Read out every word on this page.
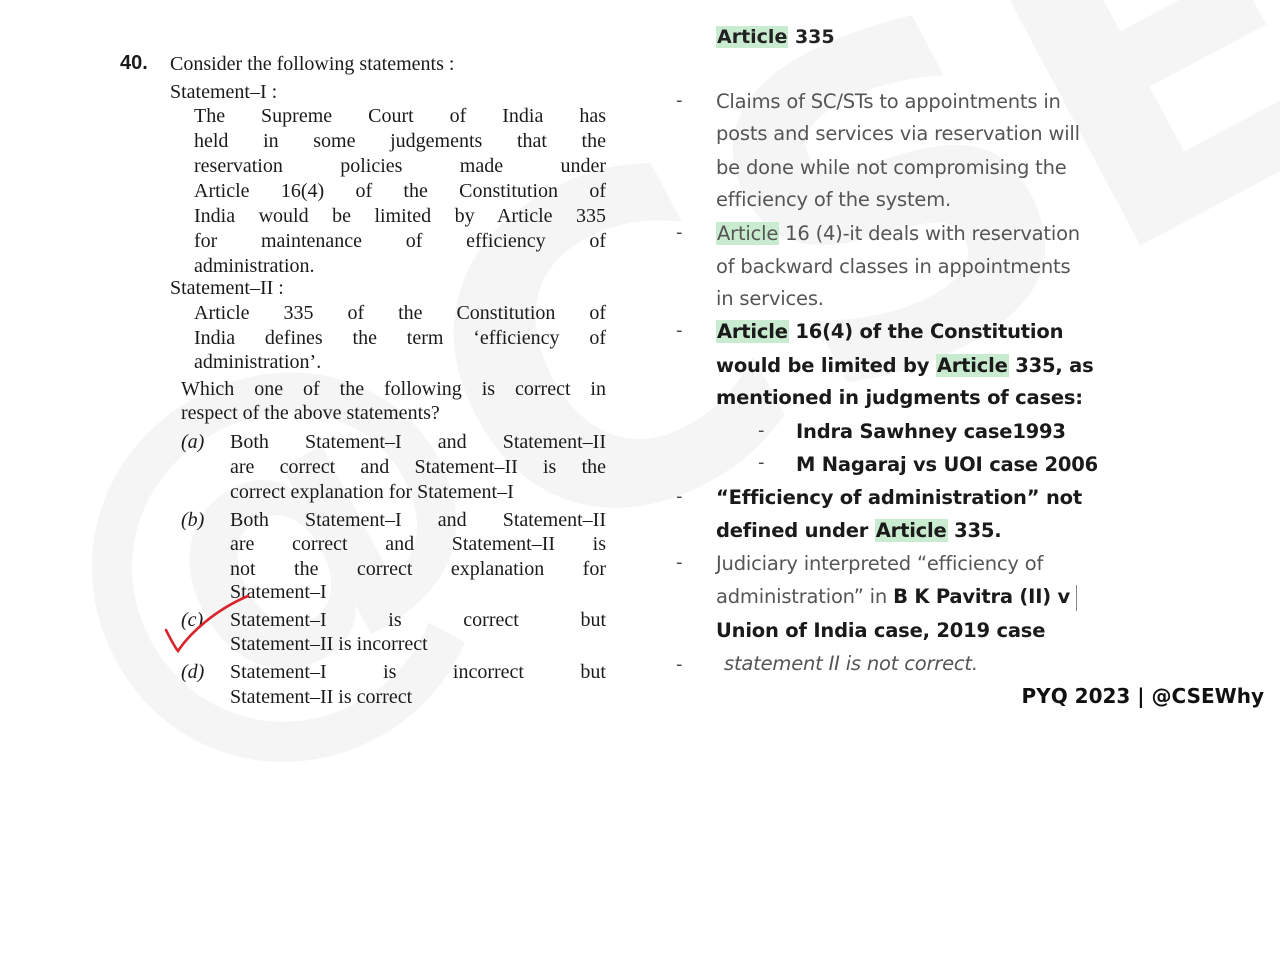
40. Consider the following statements :
Statement–I :
The Supreme Court of India has
held in some judgements that the
reservation policies made under
Article 16(4) of the Constitution of
India would be limited by Article 335
for maintenance of efficiency of
administration.
Statement–II :
Article 335 of the Constitution of
India defines the term ‘efficiency of
administration’.
Which one of the following is correct in
respect of the above statements?
(a) Both Statement–I and Statement–II
are correct and Statement–II is the
correct explanation for Statement–I
(b) Both Statement–I and Statement–II
are correct and Statement–II is
not the correct explanation for
Statement–I
(c) Statement–I is correct but
Statement–II is incorrect
(d) Statement–I is incorrect but
Statement–II is correct
Article 335
- Claims of SC/STs to appointments in
posts and services via reservation will
be done while not compromising the
efficiency of the system.
- Article 16 (4)-it deals with reservation
of backward classes in appointments
in services.
- Article 16(4) of the Constitution
would be limited by Article 335, as
mentioned in judgments of cases:
- Indra Sawhney case1993
- M Nagaraj vs UOI case 2006
- “Efficiency of administration” not
defined under Article 335.
- Judiciary interpreted “efficiency of
administration” in B K Pavitra (II) v
Union of India case, 2019 case
- statement II is not correct.
PYQ 2023 | @CSEWhy
